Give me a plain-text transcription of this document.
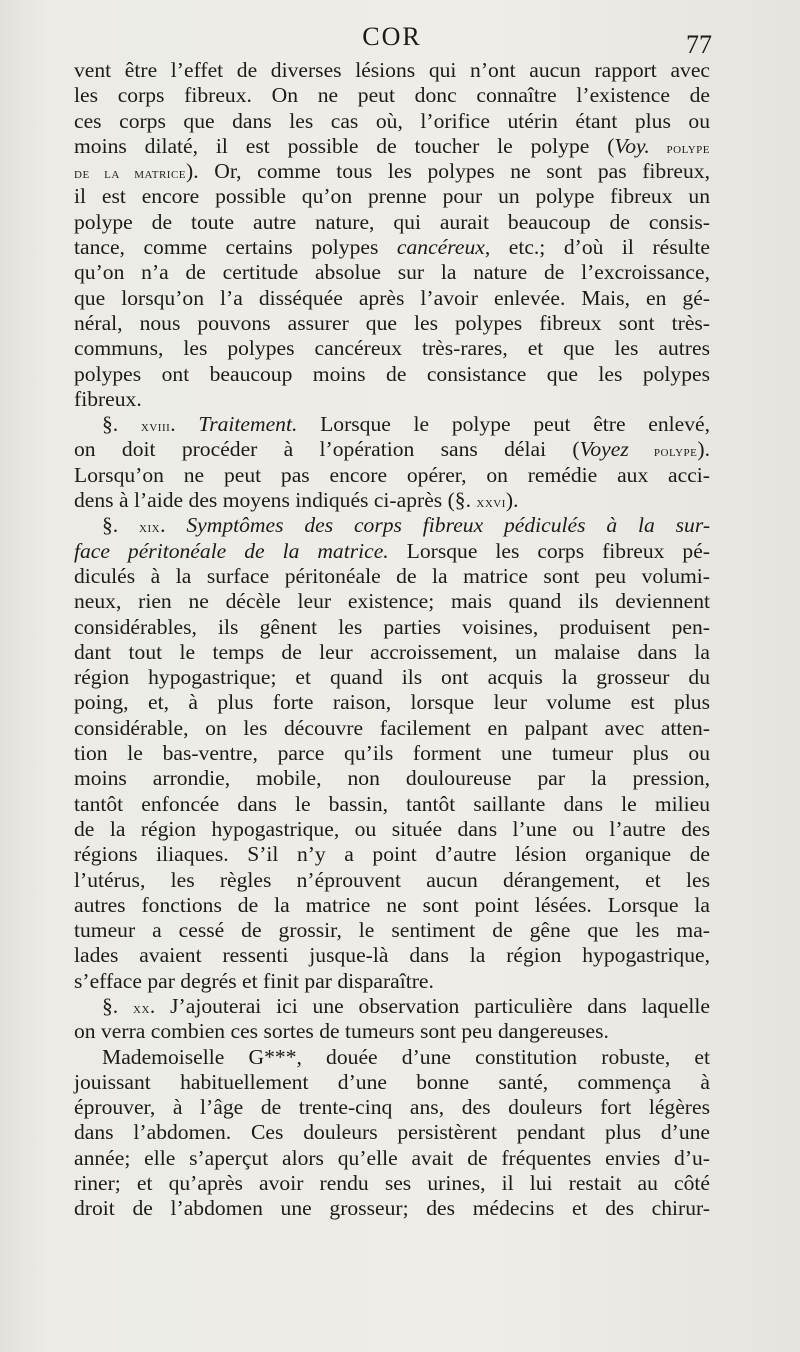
COR	77
vent être l’effet de diverses lésions qui n’ont aucun rapport avec
les corps fibreux. On ne peut donc connaître l’existence de
ces corps que dans les cas où, l’orifice utérin étant plus ou
moins dilaté, il est possible de toucher le polype (Voy. polype
de la matrice). Or, comme tous les polypes ne sont pas fibreux,
il est encore possible qu’on prenne pour un polype fibreux un
polype de toute autre nature, qui aurait beaucoup de consis-
tance, comme certains polypes cancéreux, etc.; d’où il résulte
qu’on n’a de certitude absolue sur la nature de l’excroissance,
que lorsqu’on l’a disséquée après l’avoir enlevée. Mais, en gé-
néral, nous pouvons assurer que les polypes fibreux sont très-
communs, les polypes cancéreux très-rares, et que les autres
polypes ont beaucoup moins de consistance que les polypes
fibreux.
§. xviii. Traitement. Lorsque le polype peut être enlevé,
on doit procéder à l’opération sans délai (Voyez polype).
Lorsqu’on ne peut pas encore opérer, on remédie aux acci-
dens à l’aide des moyens indiqués ci-après (§. xxvi).
§. xix. Symptômes des corps fibreux pédiculés à la sur-
face péritonéale de la matrice. Lorsque les corps fibreux pé-
diculés à la surface péritonéale de la matrice sont peu volumi-
neux, rien ne décèle leur existence; mais quand ils deviennent
considérables, ils gênent les parties voisines, produisent pen-
dant tout le temps de leur accroissement, un malaise dans la
région hypogastrique; et quand ils ont acquis la grosseur du
poing, et, à plus forte raison, lorsque leur volume est plus
considérable, on les découvre facilement en palpant avec atten-
tion le bas-ventre, parce qu’ils forment une tumeur plus ou
moins arrondie, mobile, non douloureuse par la pression,
tantôt enfoncée dans le bassin, tantôt saillante dans le milieu
de la région hypogastrique, ou située dans l’une ou l’autre des
régions iliaques. S’il n’y a point d’autre lésion organique de
l’utérus, les règles n’éprouvent aucun dérangement, et les
autres fonctions de la matrice ne sont point lésées. Lorsque la
tumeur a cessé de grossir, le sentiment de gêne que les ma-
lades avaient ressenti jusque-là dans la région hypogastrique,
s’efface par degrés et finit par disparaître.
§. xx. J’ajouterai ici une observation particulière dans laquelle
on verra combien ces sortes de tumeurs sont peu dangereuses.
Mademoiselle G***, douée d’une constitution robuste, et
jouissant habituellement d’une bonne santé, commença à
éprouver, à l’âge de trente-cinq ans, des douleurs fort légères
dans l’abdomen. Ces douleurs persistèrent pendant plus d’une
année; elle s’aperçut alors qu’elle avait de fréquentes envies d’u-
riner; et qu’après avoir rendu ses urines, il lui restait au côté
droit de l’abdomen une grosseur; des médecins et des chirur-
